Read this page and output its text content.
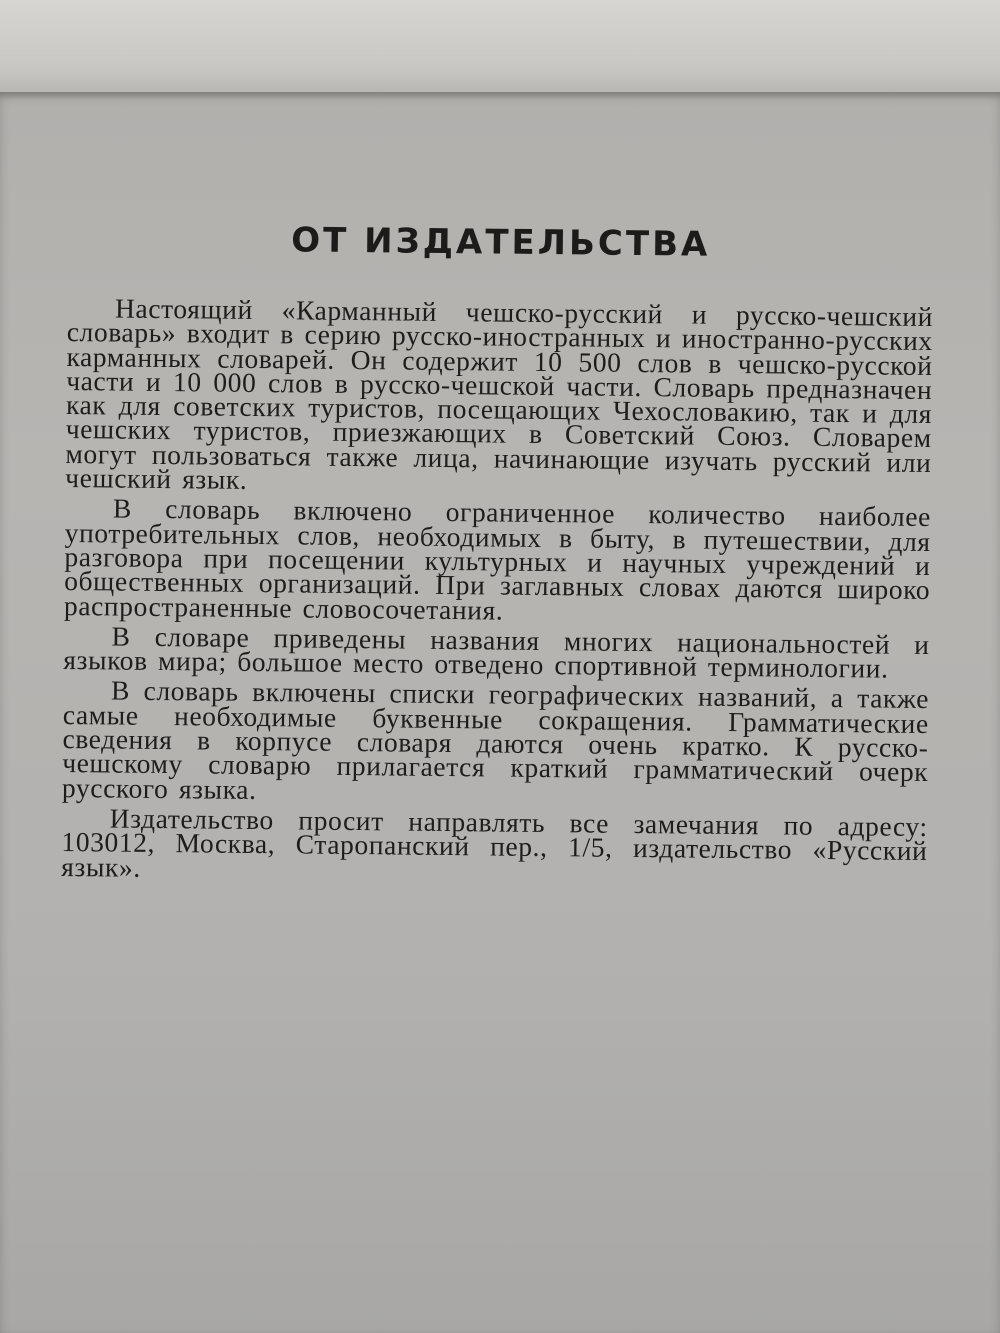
ОТ ИЗДАТЕЛЬСТВА

Настоящий «Карманный чешско-русский и русско-чешский словарь» входит в серию русско-иностранных и иностранно-русских карманных словарей. Он содержит 10 500 слов в чешско-русской части и 10 000 слов в русско-чешской части. Словарь предназначен как для советских туристов, посещающих Чехословакию, так и для чешских туристов, приезжающих в Советский Союз. Словарем могут пользоваться также лица, начинающие изучать русский или чешский язык.

В словарь включено ограниченное количество наиболее употребительных слов, необходимых в быту, в путешествии, для разговора при посещении культурных и научных учреждений и общественных организаций. При заглавных словах даются широко распространенные словосочетания.

В словаре приведены названия многих национальностей и языков мира; большое место отведено спортивной терминологии.

В словарь включены списки географических названий, а также самые необходимые буквенные сокращения. Грамматические сведения в корпусе словаря даются очень кратко. К русско-чешскому словарю прилагается краткий грамматический очерк русского языка.

Издательство просит направлять все замечания по адресу: 103012, Москва, Старопанский пер., 1/5, издательство «Русский язык».
